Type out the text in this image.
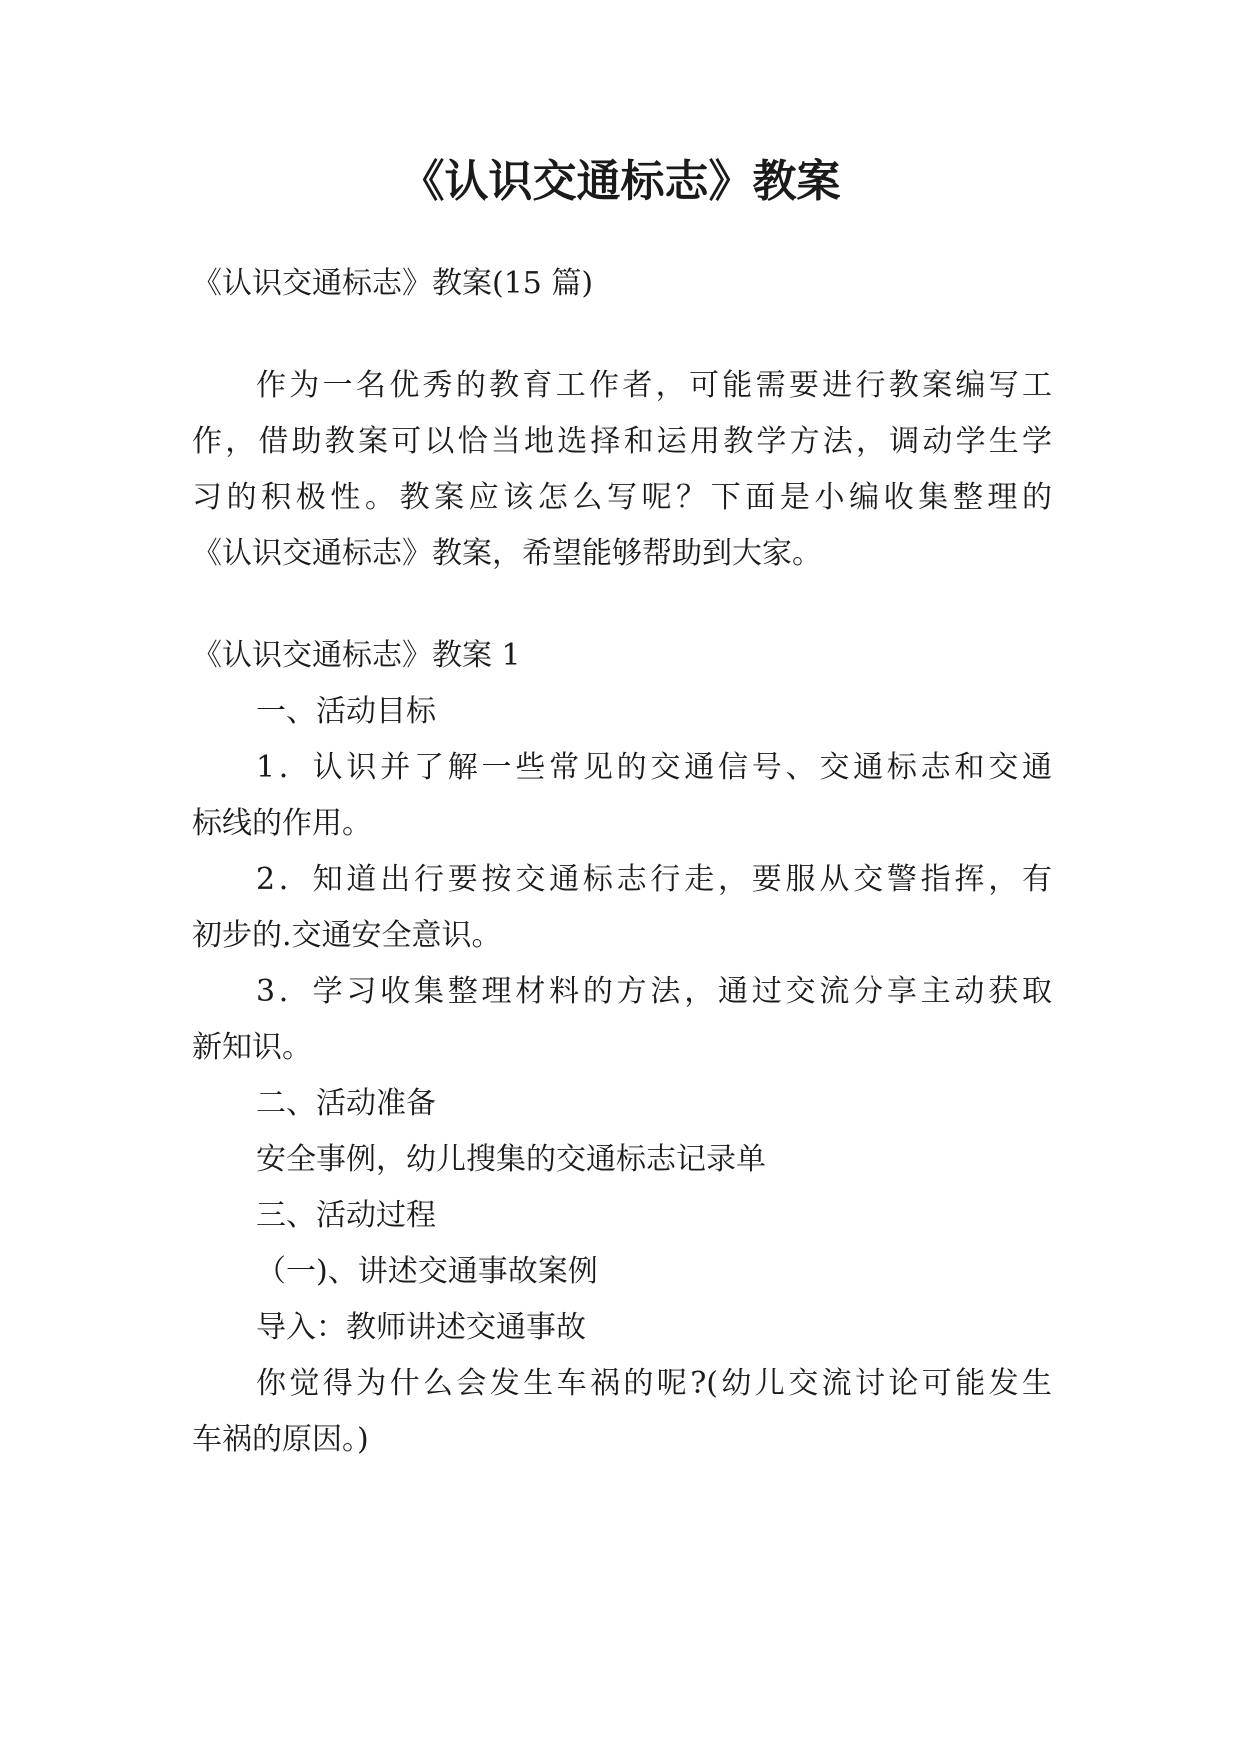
《认识交通标志》教案
《认识交通标志》教案(15 篇)
作为一名优秀的教育工作者，可能需要进行教案编写工
作，借助教案可以恰当地选择和运用教学方法，调动学生学
习的积极性。教案应该怎么写呢？下面是小编收集整理的
《认识交通标志》教案，希望能够帮助到大家。
《认识交通标志》教案 1
一、活动目标
1．认识并了解一些常见的交通信号、交通标志和交通
标线的作用。
2．知道出行要按交通标志行走，要服从交警指挥，有
初步的.交通安全意识。
3．学习收集整理材料的方法，通过交流分享主动获取
新知识。
二、活动准备
安全事例，幼儿搜集的交通标志记录单
三、活动过程
（一)、讲述交通事故案例
导入：教师讲述交通事故
你觉得为什么会发生车祸的呢?(幼儿交流讨论可能发生
车祸的原因。)
